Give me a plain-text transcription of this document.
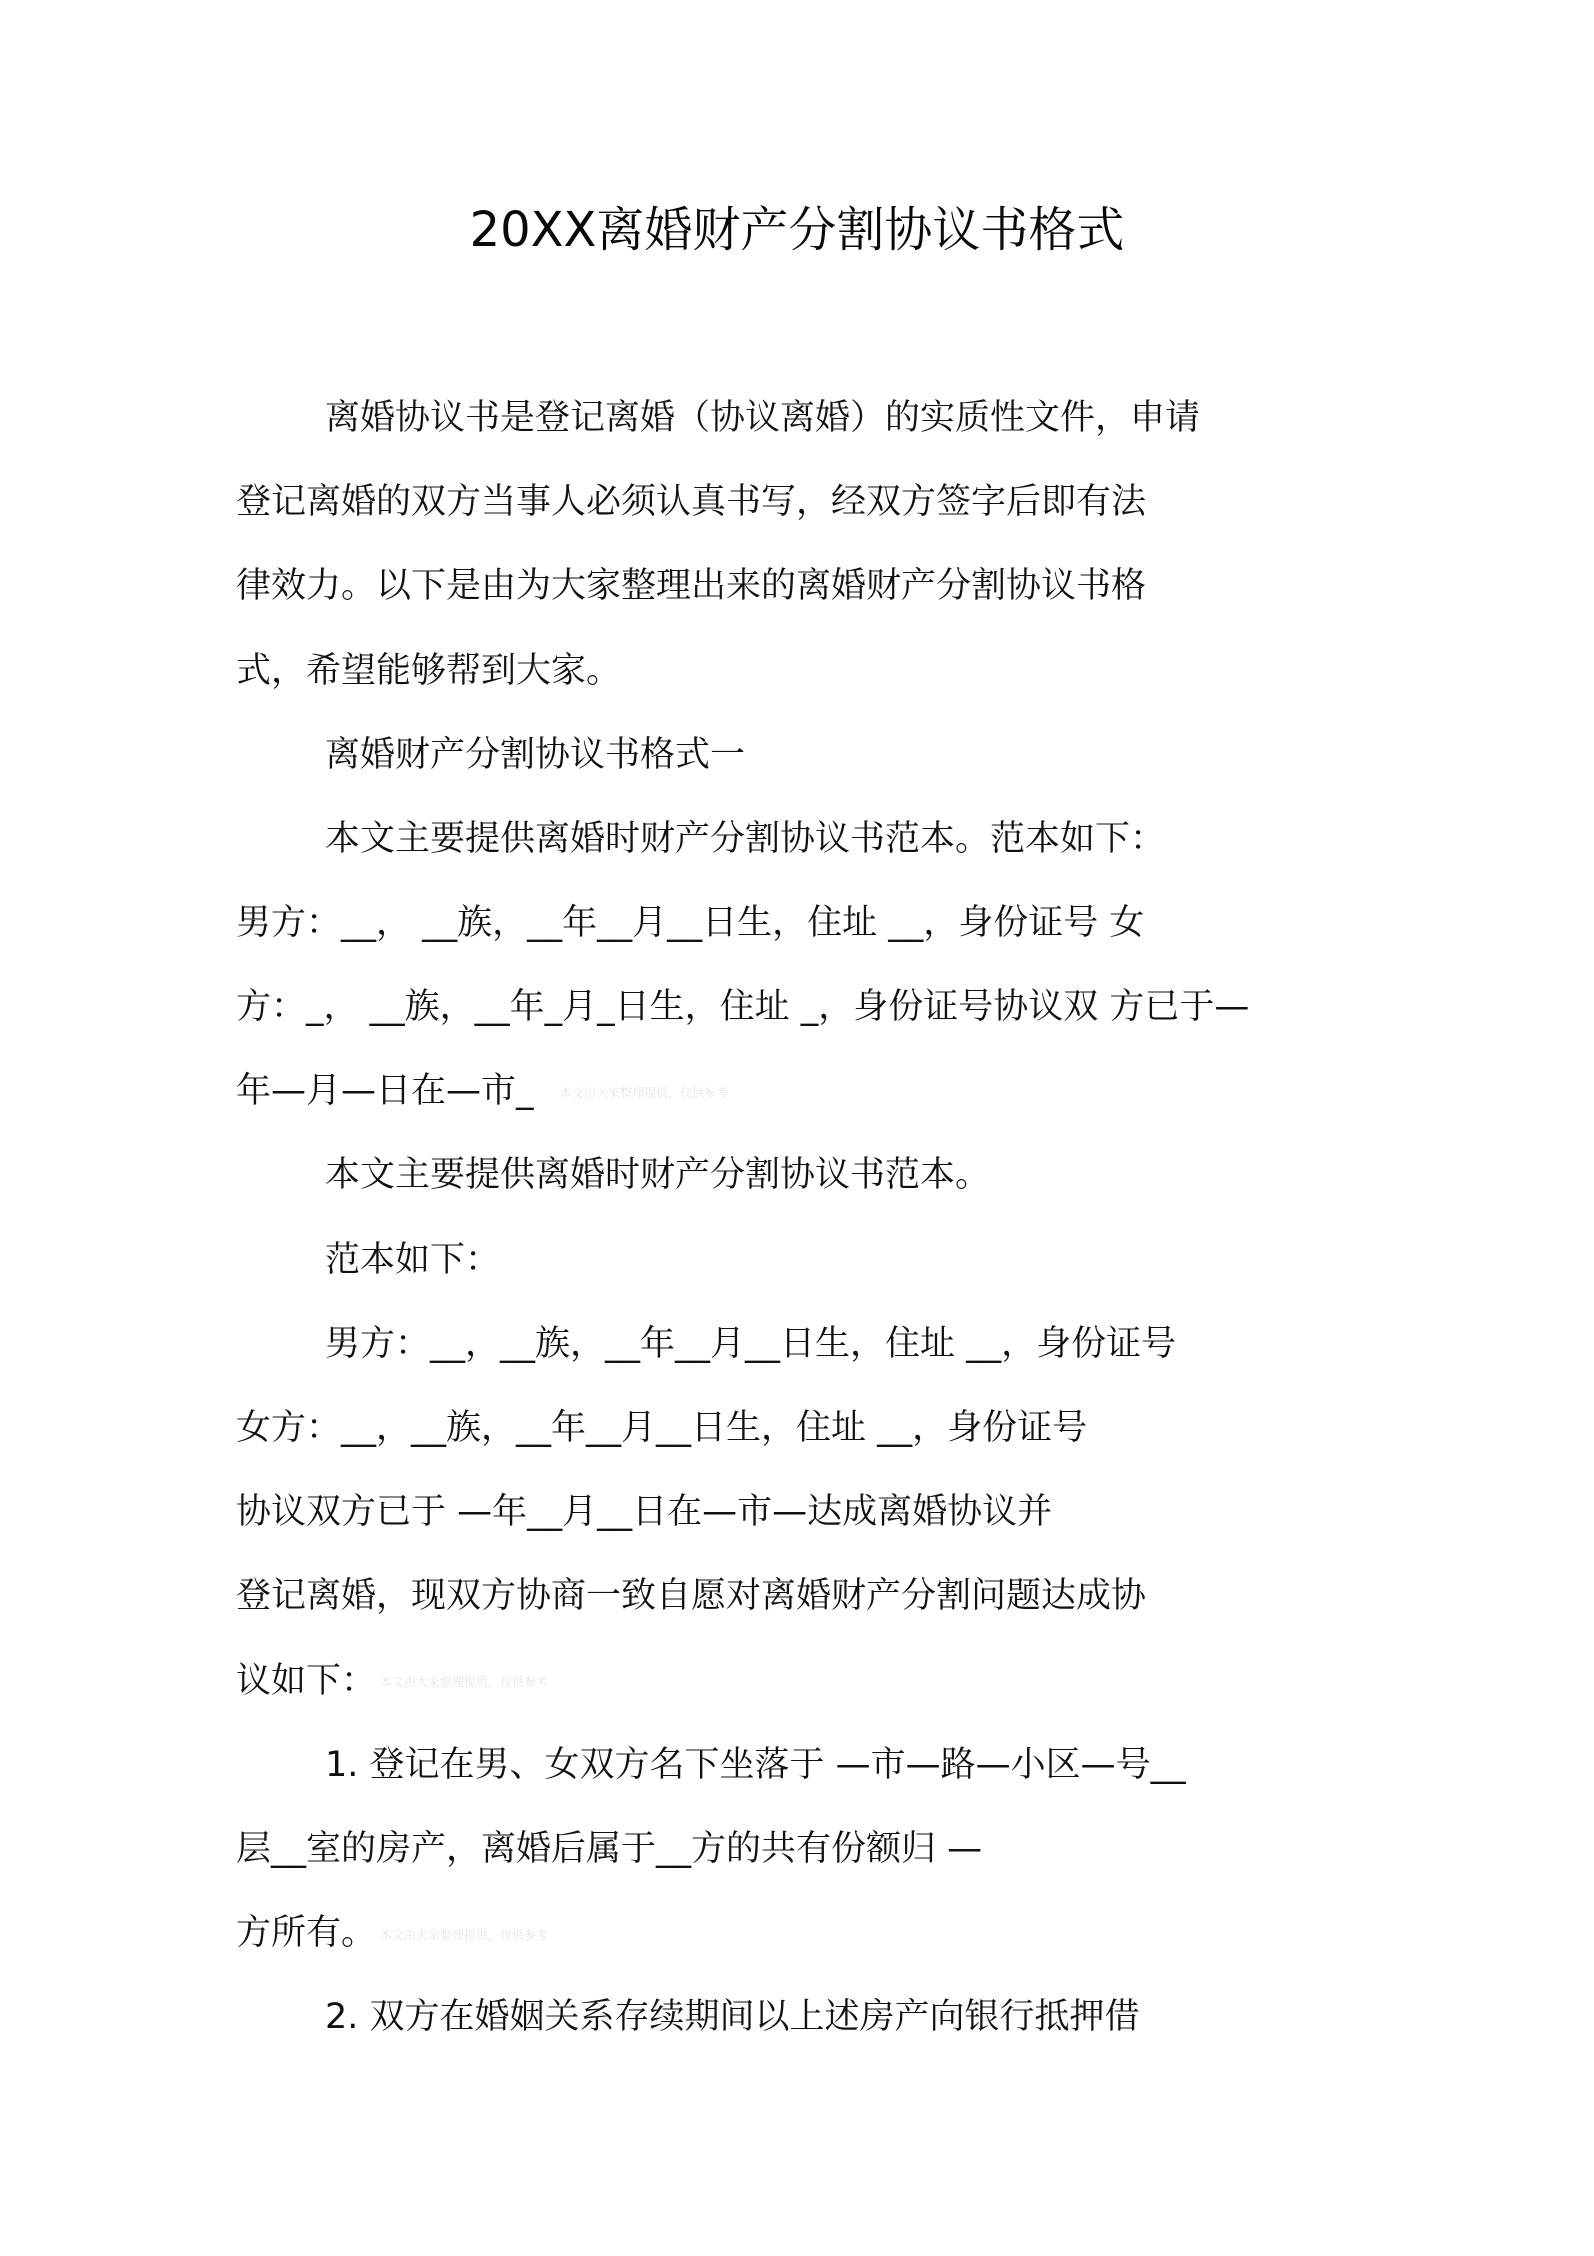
20XX离婚财产分割协议书格式
离婚协议书是登记离婚（协议离婚）的实质性文件，申请
登记离婚的双方当事人必须认真书写，经双方签字后即有法
律效力。以下是由为大家整理出来的离婚财产分割协议书格
式，希望能够帮到大家。
离婚财产分割协议书格式一
本文主要提供离婚时财产分割协议书范本。范本如下：
男方：__， __族，__年__月__日生，住址 __，身份证号 女
方：_， __族，__年_月_日生，住址 _，身份证号协议双 方已于—
年—月—日在—市_ 本文由大家整理提供，仅供参考
本文主要提供离婚时财产分割协议书范本。
范本如下：
男方：__，__族，__年__月__日生，住址 __，身份证号
女方：__，__族，__年__月__日生，住址 __，身份证号
协议双方已于 —年__月__日在—市—达成离婚协议并
登记离婚，现双方协商一致自愿对离婚财产分割问题达成协
议如下： 本文由大家整理提供，仅供参考
1. 登记在男、女双方名下坐落于 —市—路—小区—号__
层__室的房产，离婚后属于__方的共有份额归 —
方所有。 本文由大家整理提供，仅供参考
2. 双方在婚姻关系存续期间以上述房产向银行抵押借
